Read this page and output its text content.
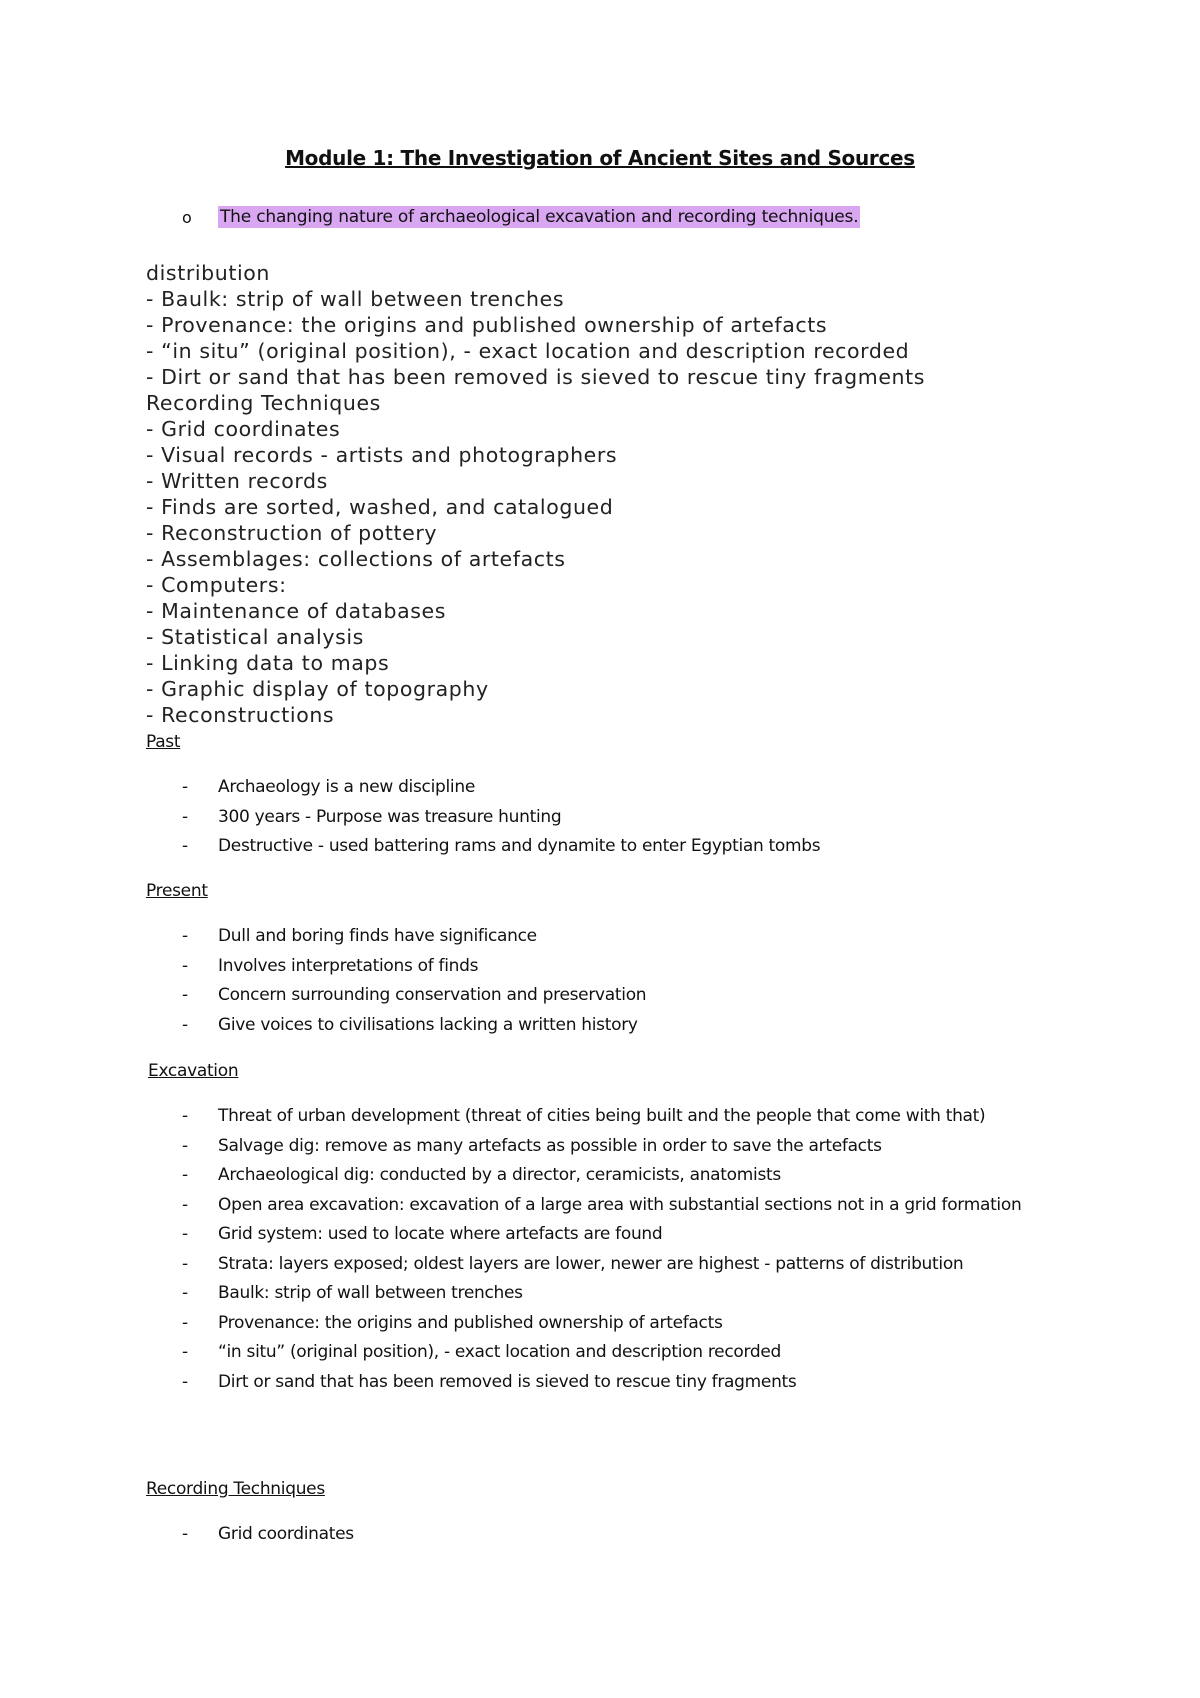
Module 1: The Investigation of Ancient Sites and Sources
o The changing nature of archaeological excavation and recording techniques.
distribution
- Baulk: strip of wall between trenches
- Provenance: the origins and published ownership of artefacts
- “in situ” (original position), - exact location and description recorded
- Dirt or sand that has been removed is sieved to rescue tiny fragments
Recording Techniques
- Grid coordinates
- Visual records - artists and photographers
- Written records
- Finds are sorted, washed, and catalogued
- Reconstruction of pottery
- Assemblages: collections of artefacts
- Computers:
- Maintenance of databases
- Statistical analysis
- Linking data to maps
- Graphic display of topography
- Reconstructions
Past
- Archaeology is a new discipline
- 300 years - Purpose was treasure hunting
- Destructive - used battering rams and dynamite to enter Egyptian tombs
Present
- Dull and boring finds have significance
- Involves interpretations of finds
- Concern surrounding conservation and preservation
- Give voices to civilisations lacking a written history
Excavation
- Threat of urban development (threat of cities being built and the people that come with that)
- Salvage dig: remove as many artefacts as possible in order to save the artefacts
- Archaeological dig: conducted by a director, ceramicists, anatomists
- Open area excavation: excavation of a large area with substantial sections not in a grid formation
- Grid system: used to locate where artefacts are found
- Strata: layers exposed; oldest layers are lower, newer are highest - patterns of distribution
- Baulk: strip of wall between trenches
- Provenance: the origins and published ownership of artefacts
- “in situ” (original position), - exact location and description recorded
- Dirt or sand that has been removed is sieved to rescue tiny fragments
Recording Techniques
- Grid coordinates
